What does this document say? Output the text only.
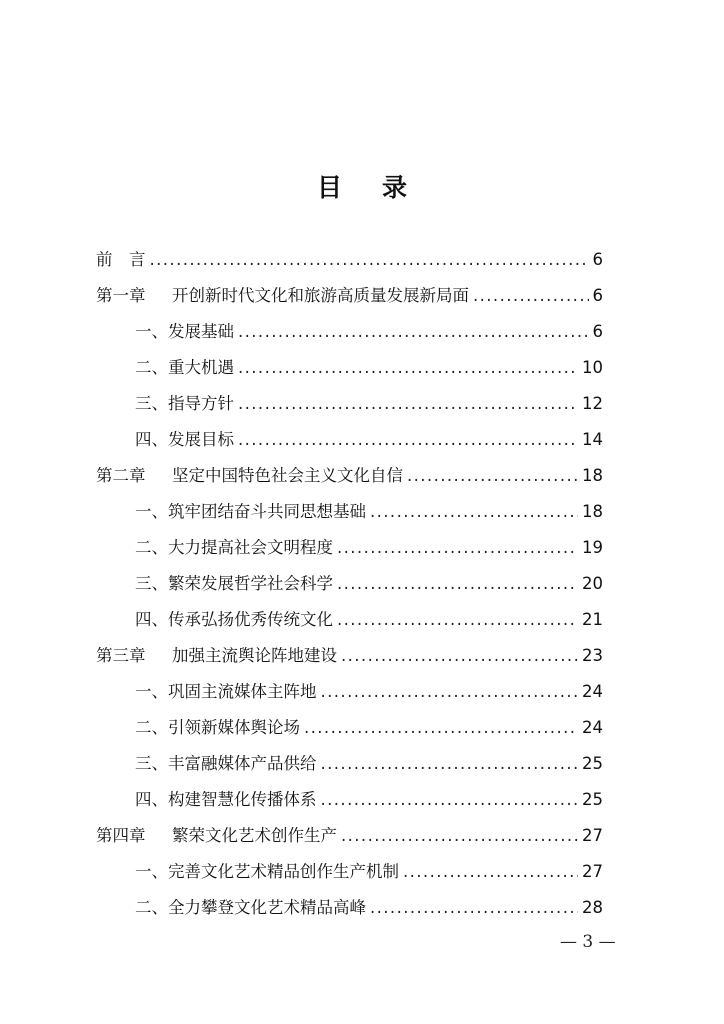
目 录
前　言 .....	6
第一章	开创新时代文化和旅游高质量发展新局面 .....	6
一、发展基础 .....	6
二、重大机遇 .....	10
三、指导方针 .....	12
四、发展目标 .....	14
第二章	坚定中国特色社会主义文化自信 .....	18
一、筑牢团结奋斗共同思想基础 .....	18
二、大力提高社会文明程度 .....	19
三、繁荣发展哲学社会科学 .....	20
四、传承弘扬优秀传统文化 .....	21
第三章	加强主流舆论阵地建设 .....	23
一、巩固主流媒体主阵地 .....	24
二、引领新媒体舆论场 .....	24
三、丰富融媒体产品供给 .....	25
四、构建智慧化传播体系 .....	25
第四章	繁荣文化艺术创作生产 .....	27
一、完善文化艺术精品创作生产机制 .....	27
二、全力攀登文化艺术精品高峰 .....	28
— 3 —
